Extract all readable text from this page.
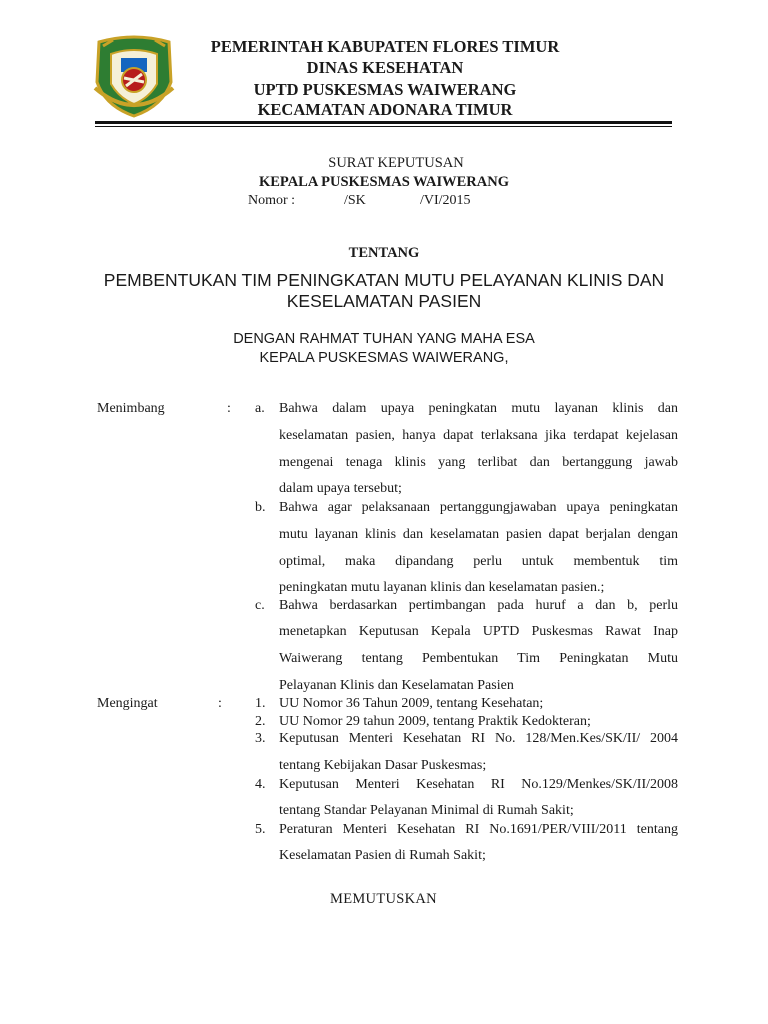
PEMERINTAH KABUPATEN FLORES TIMUR
DINAS KESEHATAN
UPTD PUSKESMAS WAIWERANG
KECAMATAN ADONARA TIMUR
SURAT KEPUTUSAN
KEPALA PUSKESMAS WAIWERANG
Nomor :	/SK	/VI/2015
TENTANG
PEMBENTUKAN TIM PENINGKATAN MUTU PELAYANAN KLINIS DAN
KESELAMATAN PASIEN
DENGAN RAHMAT TUHAN YANG MAHA ESA
KEPALA PUSKESMAS WAIWERANG,
Menimbang	: a.	Bahwa dalam upaya peningkatan mutu layanan klinis dan
keselamatan pasien, hanya dapat terlaksana jika terdapat kejelasan
mengenai tenaga klinis yang terlibat dan bertanggung jawab
dalam upaya tersebut;
b. Bahwa agar pelaksanaan pertanggungjawaban upaya peningkatan
mutu layanan klinis dan keselamatan pasien dapat berjalan dengan
optimal, maka dipandang perlu untuk membentuk tim
peningkatan mutu layanan klinis dan keselamatan pasien.;
c.	Bahwa berdasarkan pertimbangan pada huruf a dan b, perlu
menetapkan Keputusan Kepala UPTD Puskesmas Rawat Inap
Waiwerang tentang Pembentukan Tim Peningkatan Mutu
Pelayanan Klinis dan Keselamatan Pasien
Mengingat	: 1. UU Nomor 36 Tahun 2009, tentang Kesehatan;
2. UU Nomor 29 tahun 2009, tentang Praktik Kedokteran;
3. Keputusan Menteri Kesehatan RI No. 128/Men.Kes/SK/II/ 2004
tentang Kebijakan Dasar Puskesmas;
4. Keputusan Menteri Kesehatan RI No.129/Menkes/SK/II/2008
tentang Standar Pelayanan Minimal di Rumah Sakit;
5. Peraturan Menteri Kesehatan RI No.1691/PER/VIII/2011 tentang
Keselamatan Pasien di Rumah Sakit;
MEMUTUSKAN
